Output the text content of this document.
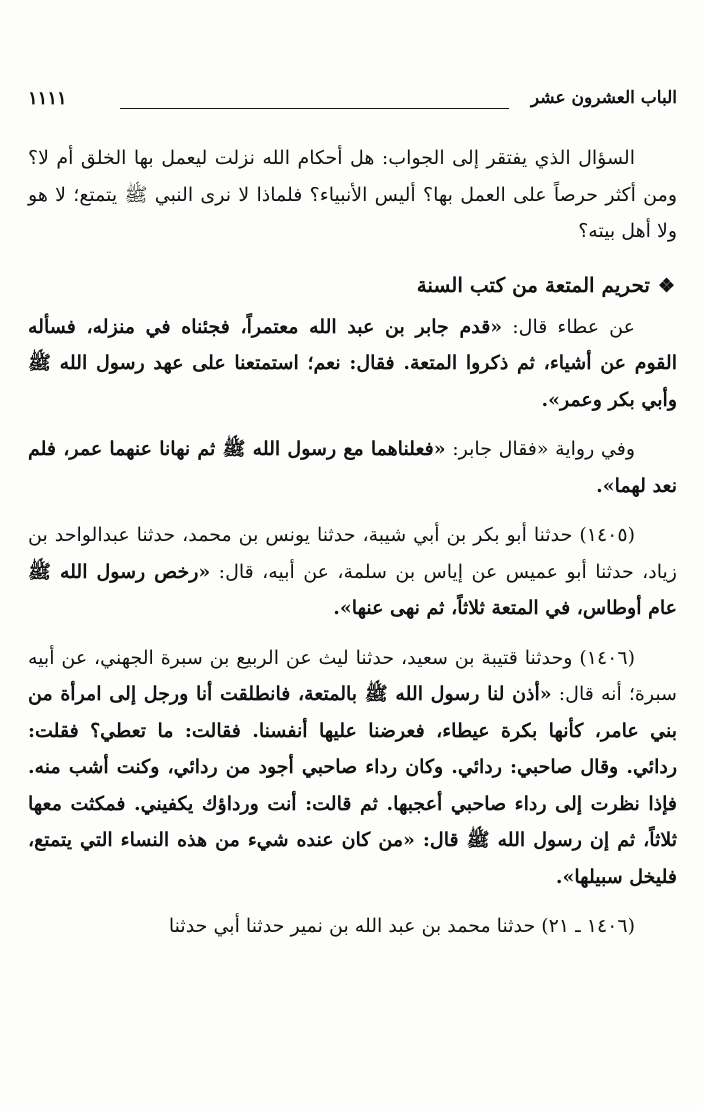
الباب العشرون عشر
١١١١

السؤال الذي يفتقر إلى الجواب: هل أحكام الله نزلت ليعمل بها الخلق أم لا؟ ومن أكثر حرصاً على العمل بها؟ أليس الأنبياء؟ فلماذا لا نرى النبي ﷺ يتمتع؛ لا هو ولا أهل بيته؟

❖تحريم المتعة من كتب السنة

عن عطاء قال: «قدم جابر بن عبد الله معتمراً، فجئناه في منزله، فسأله القوم عن أشياء، ثم ذكروا المتعة. فقال: نعم؛ استمتعنا على عهد رسول الله ﷺ وأبي بكر وعمر».

وفي رواية «فقال جابر: «فعلناهما مع رسول الله ﷺ ثم نهانا عنهما عمر، فلم نعد لهما».

(١٤٠٥) حدثنا أبو بكر بن أبي شيبة، حدثنا يونس بن محمد، حدثنا عبدالواحد بن زياد، حدثنا أبو عميس عن إياس بن سلمة، عن أبيه، قال: «رخص رسول الله ﷺ عام أوطاس، في المتعة ثلاثاً، ثم نهى عنها».

(١٤٠٦) وحدثنا قتيبة بن سعيد، حدثنا ليث عن الربيع بن سبرة الجهني، عن أبيه سبرة؛ أنه قال: «أذن لنا رسول الله ﷺ بالمتعة، فانطلقت أنا ورجل إلى امرأة من بني عامر، كأنها بكرة عيطاء، فعرضنا عليها أنفسنا. فقالت: ما تعطي؟ فقلت: ردائي. وقال صاحبي: ردائي. وكان رداء صاحبي أجود من ردائي، وكنت أشب منه. فإذا نظرت إلى رداء صاحبي أعجبها. ثم قالت: أنت ورداؤك يكفيني. فمكثت معها ثلاثاً، ثم إن رسول الله ﷺ قال: «من كان عنده شيء من هذه النساء التي يتمتع، فليخل سبيلها».

(١٤٠٦ ـ ٢١) حدثنا محمد بن عبد الله بن نمير حدثنا أبي حدثنا
